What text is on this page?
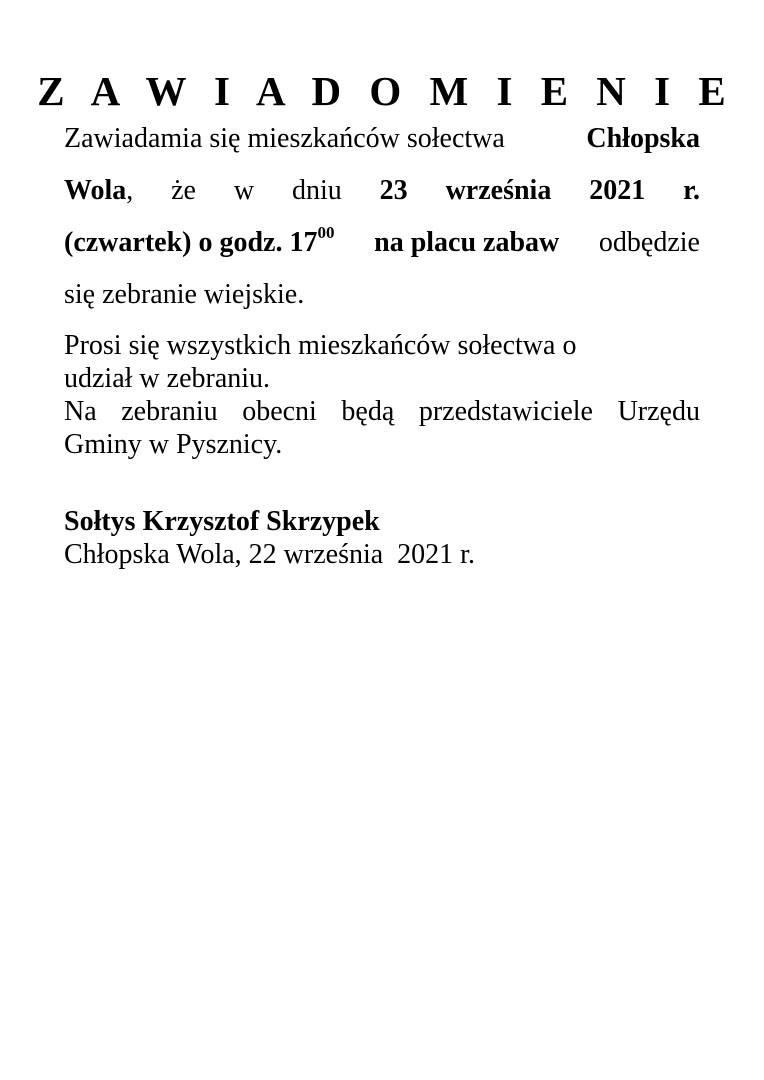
Z A W I A D O M I E N I E
Zawiadamia się mieszkańców sołectwa	Chłopska
Wola, że w dniu 23 września 2021 r.
(czwartek) o godz. $17^{00}$ na placu zabaw odbędzie
się zebranie wiejskie.
Prosi się wszystkich mieszkańców sołectwa o
udział w zebraniu.
Na zebraniu obecni będą przedstawiciele Urzędu
Gminy w Pysznicy.
Sołtys Krzysztof Skrzypek
Chłopska Wola, 22 września  2021 r.
